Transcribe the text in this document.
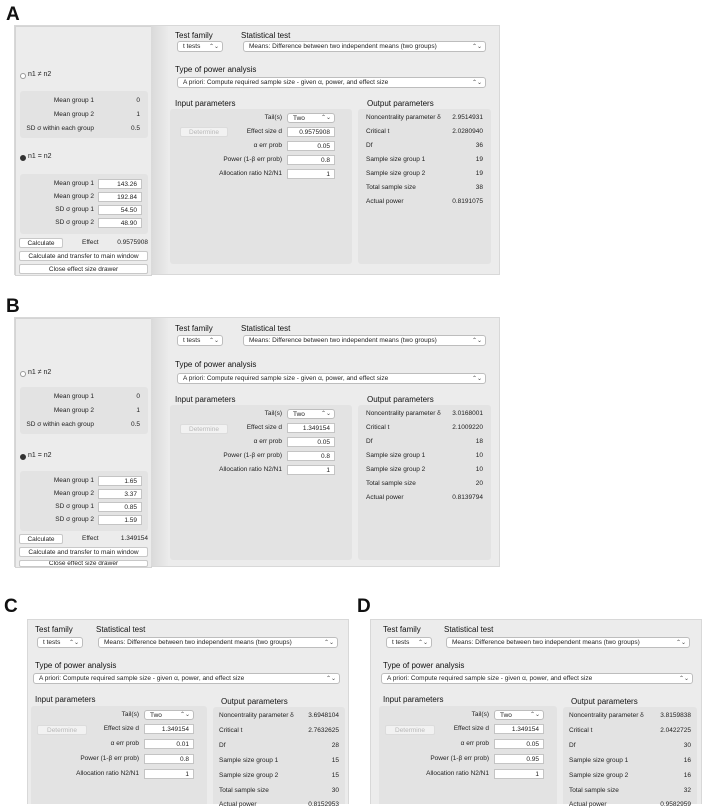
A
n1 ≠ n2
Mean group 1	0
Mean group 2	1
SD σ within each group	0.5
n1 = n2
Mean group 1	143.26
Mean group 2	192.84
SD σ group 1	54.50
SD σ group 2	48.90
Calculate	Effect	0.9575908
Calculate and transfer to main window
Close effect size drawer
Test family
t tests ⌃⌄
Statistical test
Means: Difference between two independent means (two groups)	⌃⌄
Type of power analysis
A priori: Compute required sample size - given α, power, and effect size	⌃⌄
Input parameters	Output parameters
Tail(s)	Two	⌃⌄
Determine	Effect size d	0.9575908
α err prob	0.05
Power (1-β err prob)	0.8
Allocation ratio N2/N1	1
Noncentrality parameter δ	2.9514931
Critical t	2.0280940
Df	36
Sample size group 1	19
Sample size group 2	19
Total sample size	38
Actual power	0.8191075
B
n1 ≠ n2
Mean group 1	0
Mean group 2	1
SD σ within each group	0.5
n1 = n2
Mean group 1	1.65
Mean group 2	3.37
SD σ group 1	0.85
SD σ group 2	1.59
Calculate	Effect	1.349154
Calculate and transfer to main window
Close effect size drawer
Test family
t tests ⌃⌄
Statistical test
Means: Difference between two independent means (two groups)	⌃⌄
Type of power analysis
A priori: Compute required sample size - given α, power, and effect size	⌃⌄
Input parameters	Output parameters
Tail(s)	Two	⌃⌄
Determine	Effect size d	1.349154
α err prob	0.05
Power (1-β err prob)	0.8
Allocation ratio N2/N1	1
Noncentrality parameter δ	3.0168001
Critical t	2.1009220
Df	18
Sample size group 1	10
Sample size group 2	10
Total sample size	20
Actual power	0.8139794
C
Test family
t tests ⌃⌄
Statistical test
Means: Difference between two independent means (two groups)	⌃⌄
Type of power analysis
A priori: Compute required sample size - given α, power, and effect size	⌃⌄
Input parameters	Output parameters
Tail(s)	Two	⌃⌄
Determine	Effect size d	1.349154
α err prob	0.01
Power (1-β err prob)	0.8
Allocation ratio N2/N1	1
Noncentrality parameter δ	3.6948104
Critical t	2.7632625
Df	28
Sample size group 1	15
Sample size group 2	15
Total sample size	30
Actual power	0.8152953
D
Test family
t tests ⌃⌄
Statistical test
Means: Difference between two independent means (two groups)	⌃⌄
Type of power analysis
A priori: Compute required sample size - given α, power, and effect size	⌃⌄
Input parameters	Output parameters
Tail(s)	Two	⌃⌄
Determine	Effect size d	1.349154
α err prob	0.05
Power (1-β err prob)	0.95
Allocation ratio N2/N1	1
Noncentrality parameter δ	3.8159838
Critical t	2.0422725
Df	30
Sample size group 1	16
Sample size group 2	16
Total sample size	32
Actual power	0.9582959
